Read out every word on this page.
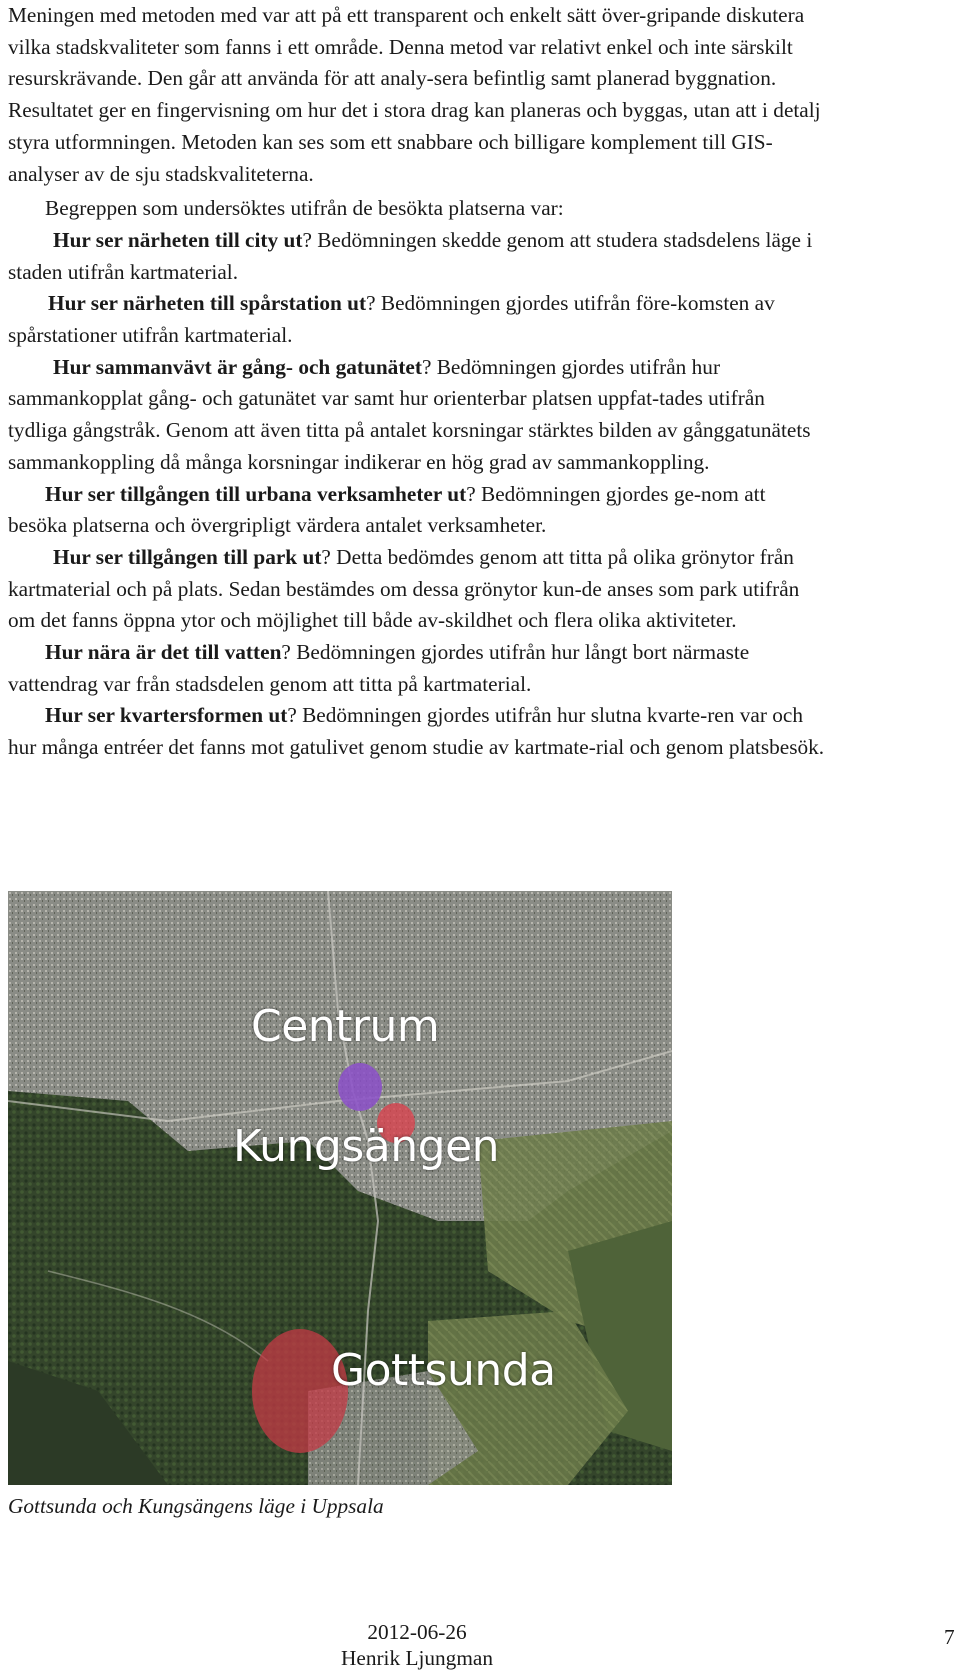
Meningen med metoden med var att på ett transparent och enkelt sätt över-gripande diskutera vilka stadskvaliteter som fanns i ett område. Denna metod var relativt enkel och inte särskilt resurskrävande. Den går att använda för att analy-sera befintlig samt planerad byggnation. Resultatet ger en fingervisning om hur det i stora drag kan planeras och byggas, utan att i detalj styra utformningen. Metoden kan ses som ett snabbare och billigare komplement till GIS-analyser av de sju stadskvaliteterna.

Begreppen som undersöktes utifrån de besökta platserna var:

Hur ser närheten till city ut? Bedömningen skedde genom att studera stadsdelens läge i staden utifrån kartmaterial.

Hur ser närheten till spårstation ut? Bedömningen gjordes utifrån före-komsten av spårstationer utifrån kartmaterial.

Hur sammanvävt är gång- och gatunätet? Bedömningen gjordes utifrån hur sammankopplat gång- och gatunätet var samt hur orienterbar platsen uppfat-tades utifrån tydliga gångstråk. Genom att även titta på antalet korsningar stärktes bilden av gånggatunätets sammankoppling då många korsningar indikerar en hög grad av sammankoppling.

Hur ser tillgången till urbana verksamheter ut? Bedömningen gjordes ge-nom att besöka platserna och övergripligt värdera antalet verksamheter.

Hur ser tillgången till park ut? Detta bedömdes genom att titta på olika grönytor från kartmaterial och på plats. Sedan bestämdes om dessa grönytor kun-de anses som park utifrån om det fanns öppna ytor och möjlighet till både av-skildhet och flera olika aktiviteter.

Hur nära är det till vatten? Bedömningen gjordes utifrån hur långt bort närmaste vattendrag var från stadsdelen genom att titta på kartmaterial.

Hur ser kvartersformen ut? Bedömningen gjordes utifrån hur slutna kvarte-ren var och hur många entréer det fanns mot gatulivet genom studie av kartmate-rial och genom platsbesök.

Centrum
Kungsängen
Gottsunda
Gottsunda och Kungsängens läge i Uppsala
2012-06-26
Henrik Ljungman
7
